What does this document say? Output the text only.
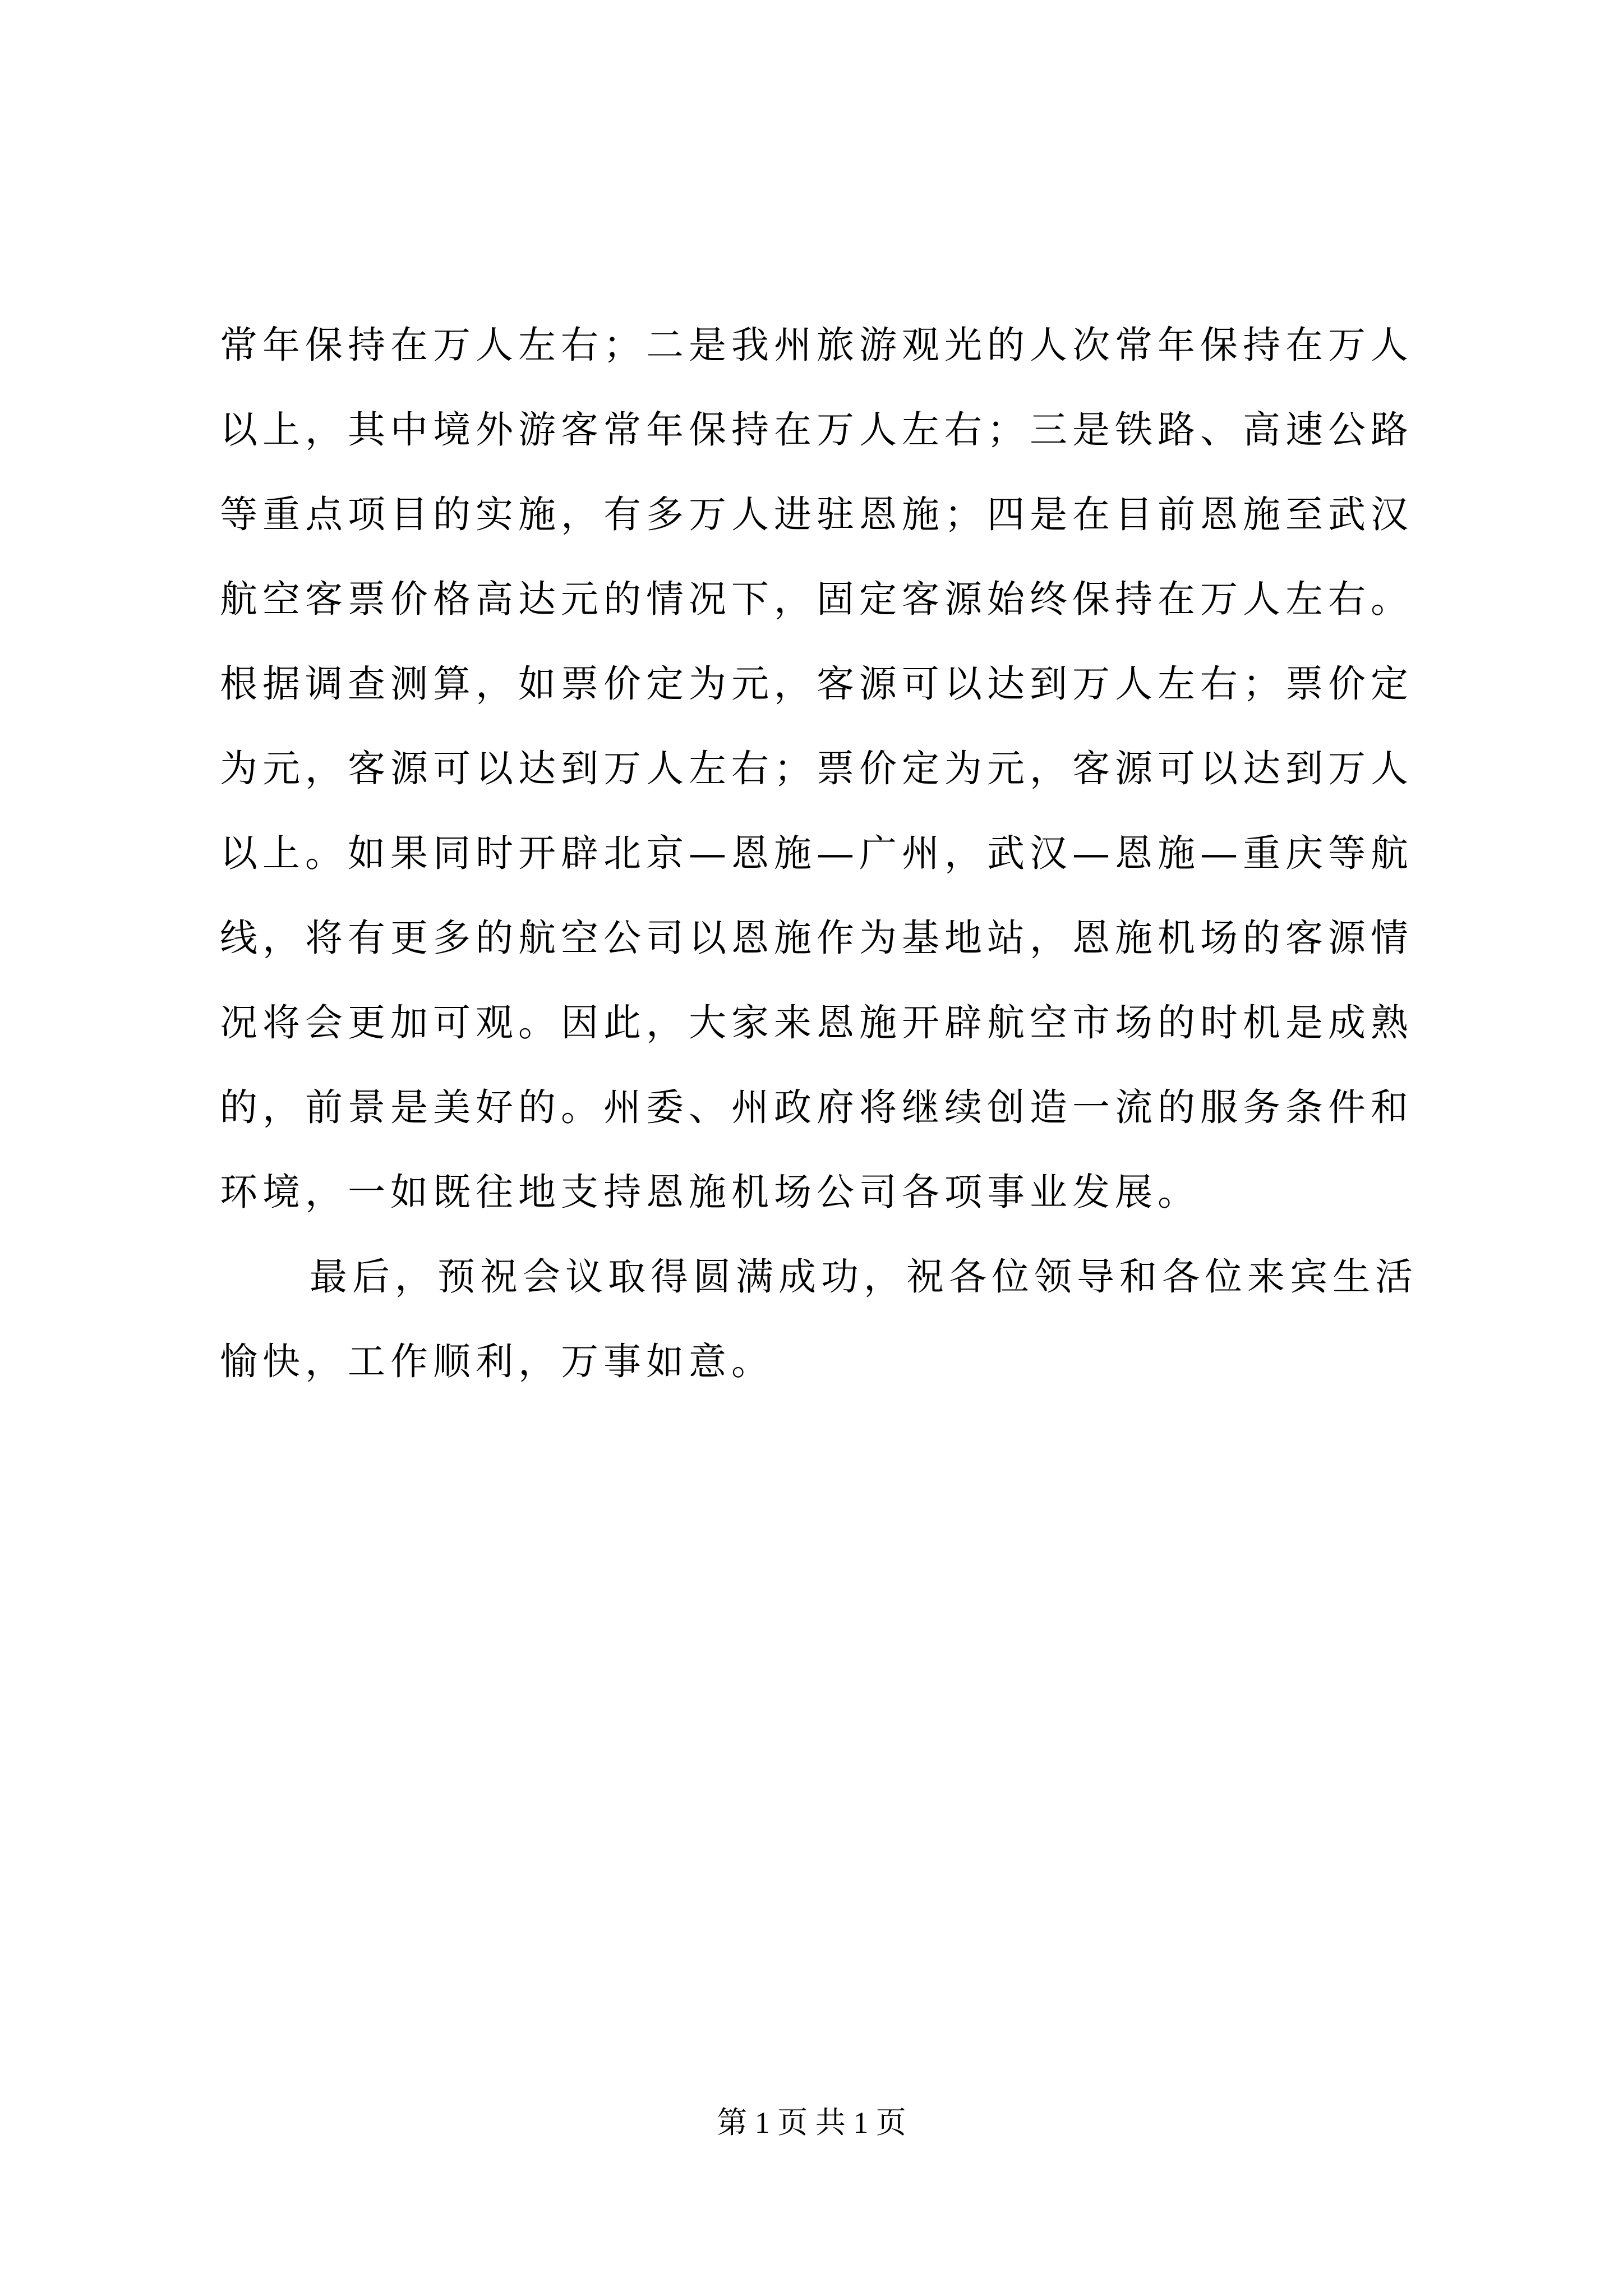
常年保持在万人左右；二是我州旅游观光的人次常年保持在万人
以上，其中境外游客常年保持在万人左右；三是铁路、高速公路
等重点项目的实施，有多万人进驻恩施；四是在目前恩施至武汉
航空客票价格高达元的情况下，固定客源始终保持在万人左右。
根据调查测算，如票价定为元，客源可以达到万人左右；票价定
为元，客源可以达到万人左右；票价定为元，客源可以达到万人
以上。如果同时开辟北京—恩施—广州，武汉—恩施—重庆等航
线，将有更多的航空公司以恩施作为基地站，恩施机场的客源情
况将会更加可观。因此，大家来恩施开辟航空市场的时机是成熟
的，前景是美好的。州委、州政府将继续创造一流的服务条件和
环境，一如既往地支持恩施机场公司各项事业发展。
最后，预祝会议取得圆满成功，祝各位领导和各位来宾生活
愉快，工作顺利，万事如意。
第 1 页 共 1 页
